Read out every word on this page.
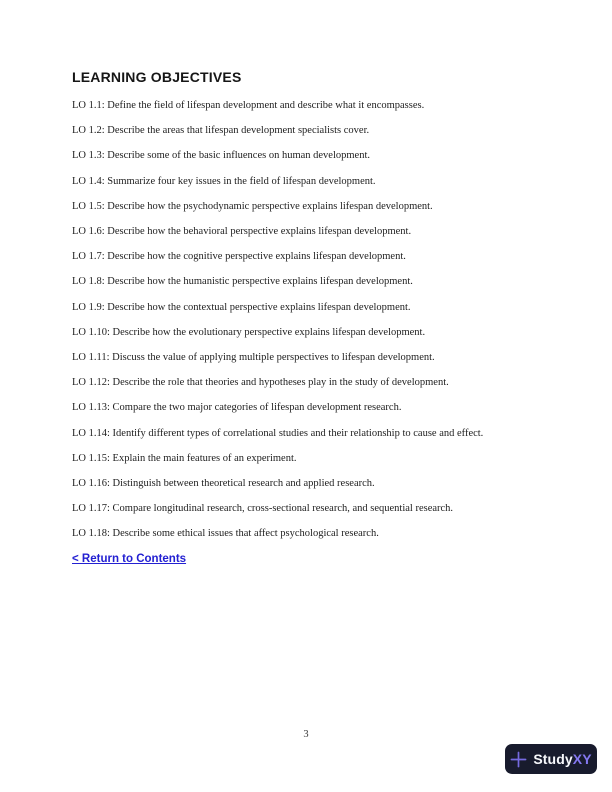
LEARNING OBJECTIVES

LO 1.1: Define the field of lifespan development and describe what it encompasses.

LO 1.2: Describe the areas that lifespan development specialists cover.

LO 1.3: Describe some of the basic influences on human development.

LO 1.4: Summarize four key issues in the field of lifespan development.

LO 1.5: Describe how the psychodynamic perspective explains lifespan development.

LO 1.6: Describe how the behavioral perspective explains lifespan development.

LO 1.7: Describe how the cognitive perspective explains lifespan development.

LO 1.8: Describe how the humanistic perspective explains lifespan development.

LO 1.9: Describe how the contextual perspective explains lifespan development.

LO 1.10: Describe how the evolutionary perspective explains lifespan development.

LO 1.11: Discuss the value of applying multiple perspectives to lifespan development.

LO 1.12: Describe the role that theories and hypotheses play in the study of development.

LO 1.13: Compare the two major categories of lifespan development research.

LO 1.14: Identify different types of correlational studies and their relationship to cause and effect.

LO 1.15: Explain the main features of an experiment.

LO 1.16: Distinguish between theoretical research and applied research.

LO 1.17: Compare longitudinal research, cross-sectional research, and sequential research.

LO 1.18: Describe some ethical issues that affect psychological research.

< Return to Contents
3
StudyXY
